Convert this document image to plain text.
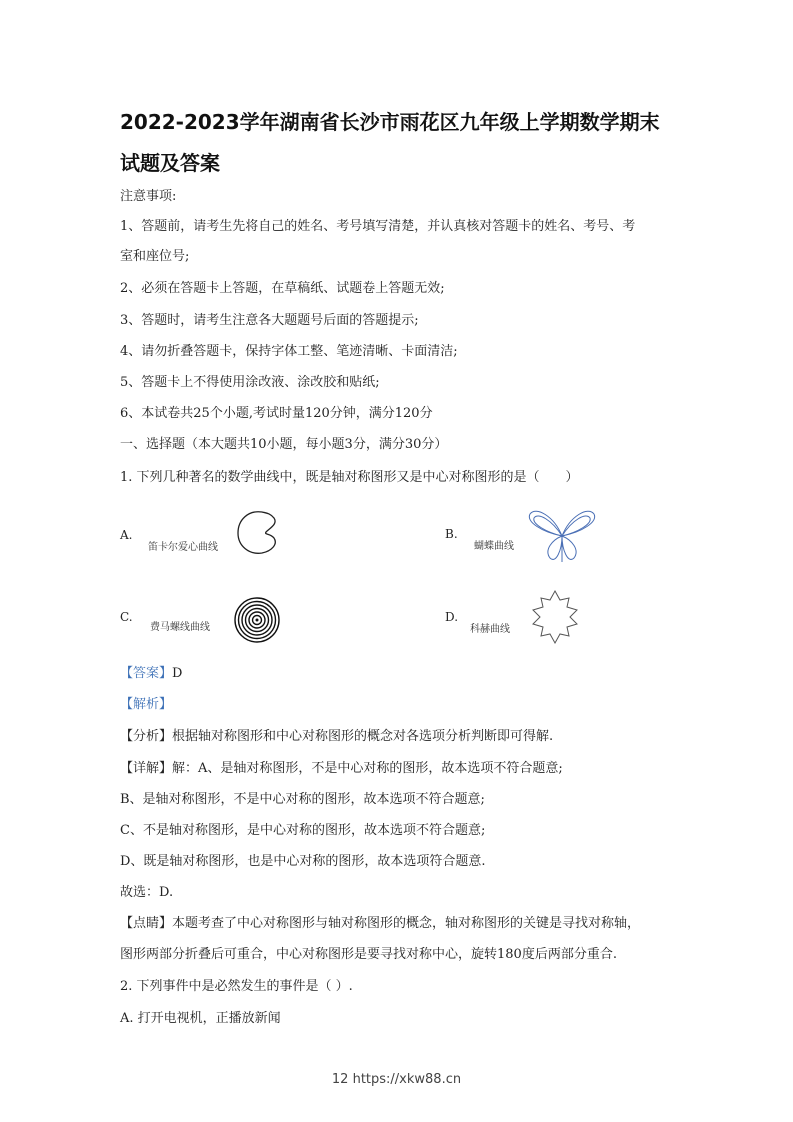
2022-2023学年湖南省长沙市雨花区九年级上学期数学期末
试题及答案
注意事项:
1、答题前，请考生先将自己的姓名、考号填写清楚，并认真核对答题卡的姓名、考号、考
室和座位号;
2、必须在答题卡上答题，在草稿纸、试题卷上答题无效;
3、答题时，请考生注意各大题题号后面的答题提示;
4、请勿折叠答题卡，保持字体工整、笔迹清晰、卡面清洁;
5、答题卡上不得使用涂改液、涂改胶和贴纸;
6、本试卷共25个小题,考试时量120分钟，满分120分
一、选择题（本大题共10小题，每小题3分，满分30分）
1. 下列几种著名的数学曲线中，既是轴对称图形又是中心对称图形的是（　　）
A.
笛卡尔爱心曲线
B.
蝴蝶曲线
C.
费马螺线曲线
D.
科赫曲线
【答案】D
【解析】
【分析】根据轴对称图形和中心对称图形的概念对各选项分析判断即可得解.
【详解】解：A、是轴对称图形，不是中心对称的图形，故本选项不符合题意;
B、是轴对称图形，不是中心对称的图形，故本选项不符合题意;
C、不是轴对称图形，是中心对称的图形，故本选项不符合题意;
D、既是轴对称图形，也是中心对称的图形，故本选项符合题意.
故选：D.
【点睛】本题考查了中心对称图形与轴对称图形的概念，轴对称图形的关键是寻找对称轴，
图形两部分折叠后可重合，中心对称图形是要寻找对称中心，旋转180度后两部分重合.
2. 下列事件中是必然发生的事件是（ ）.
A. 打开电视机，正播放新闻
12 https://xkw88.cn
